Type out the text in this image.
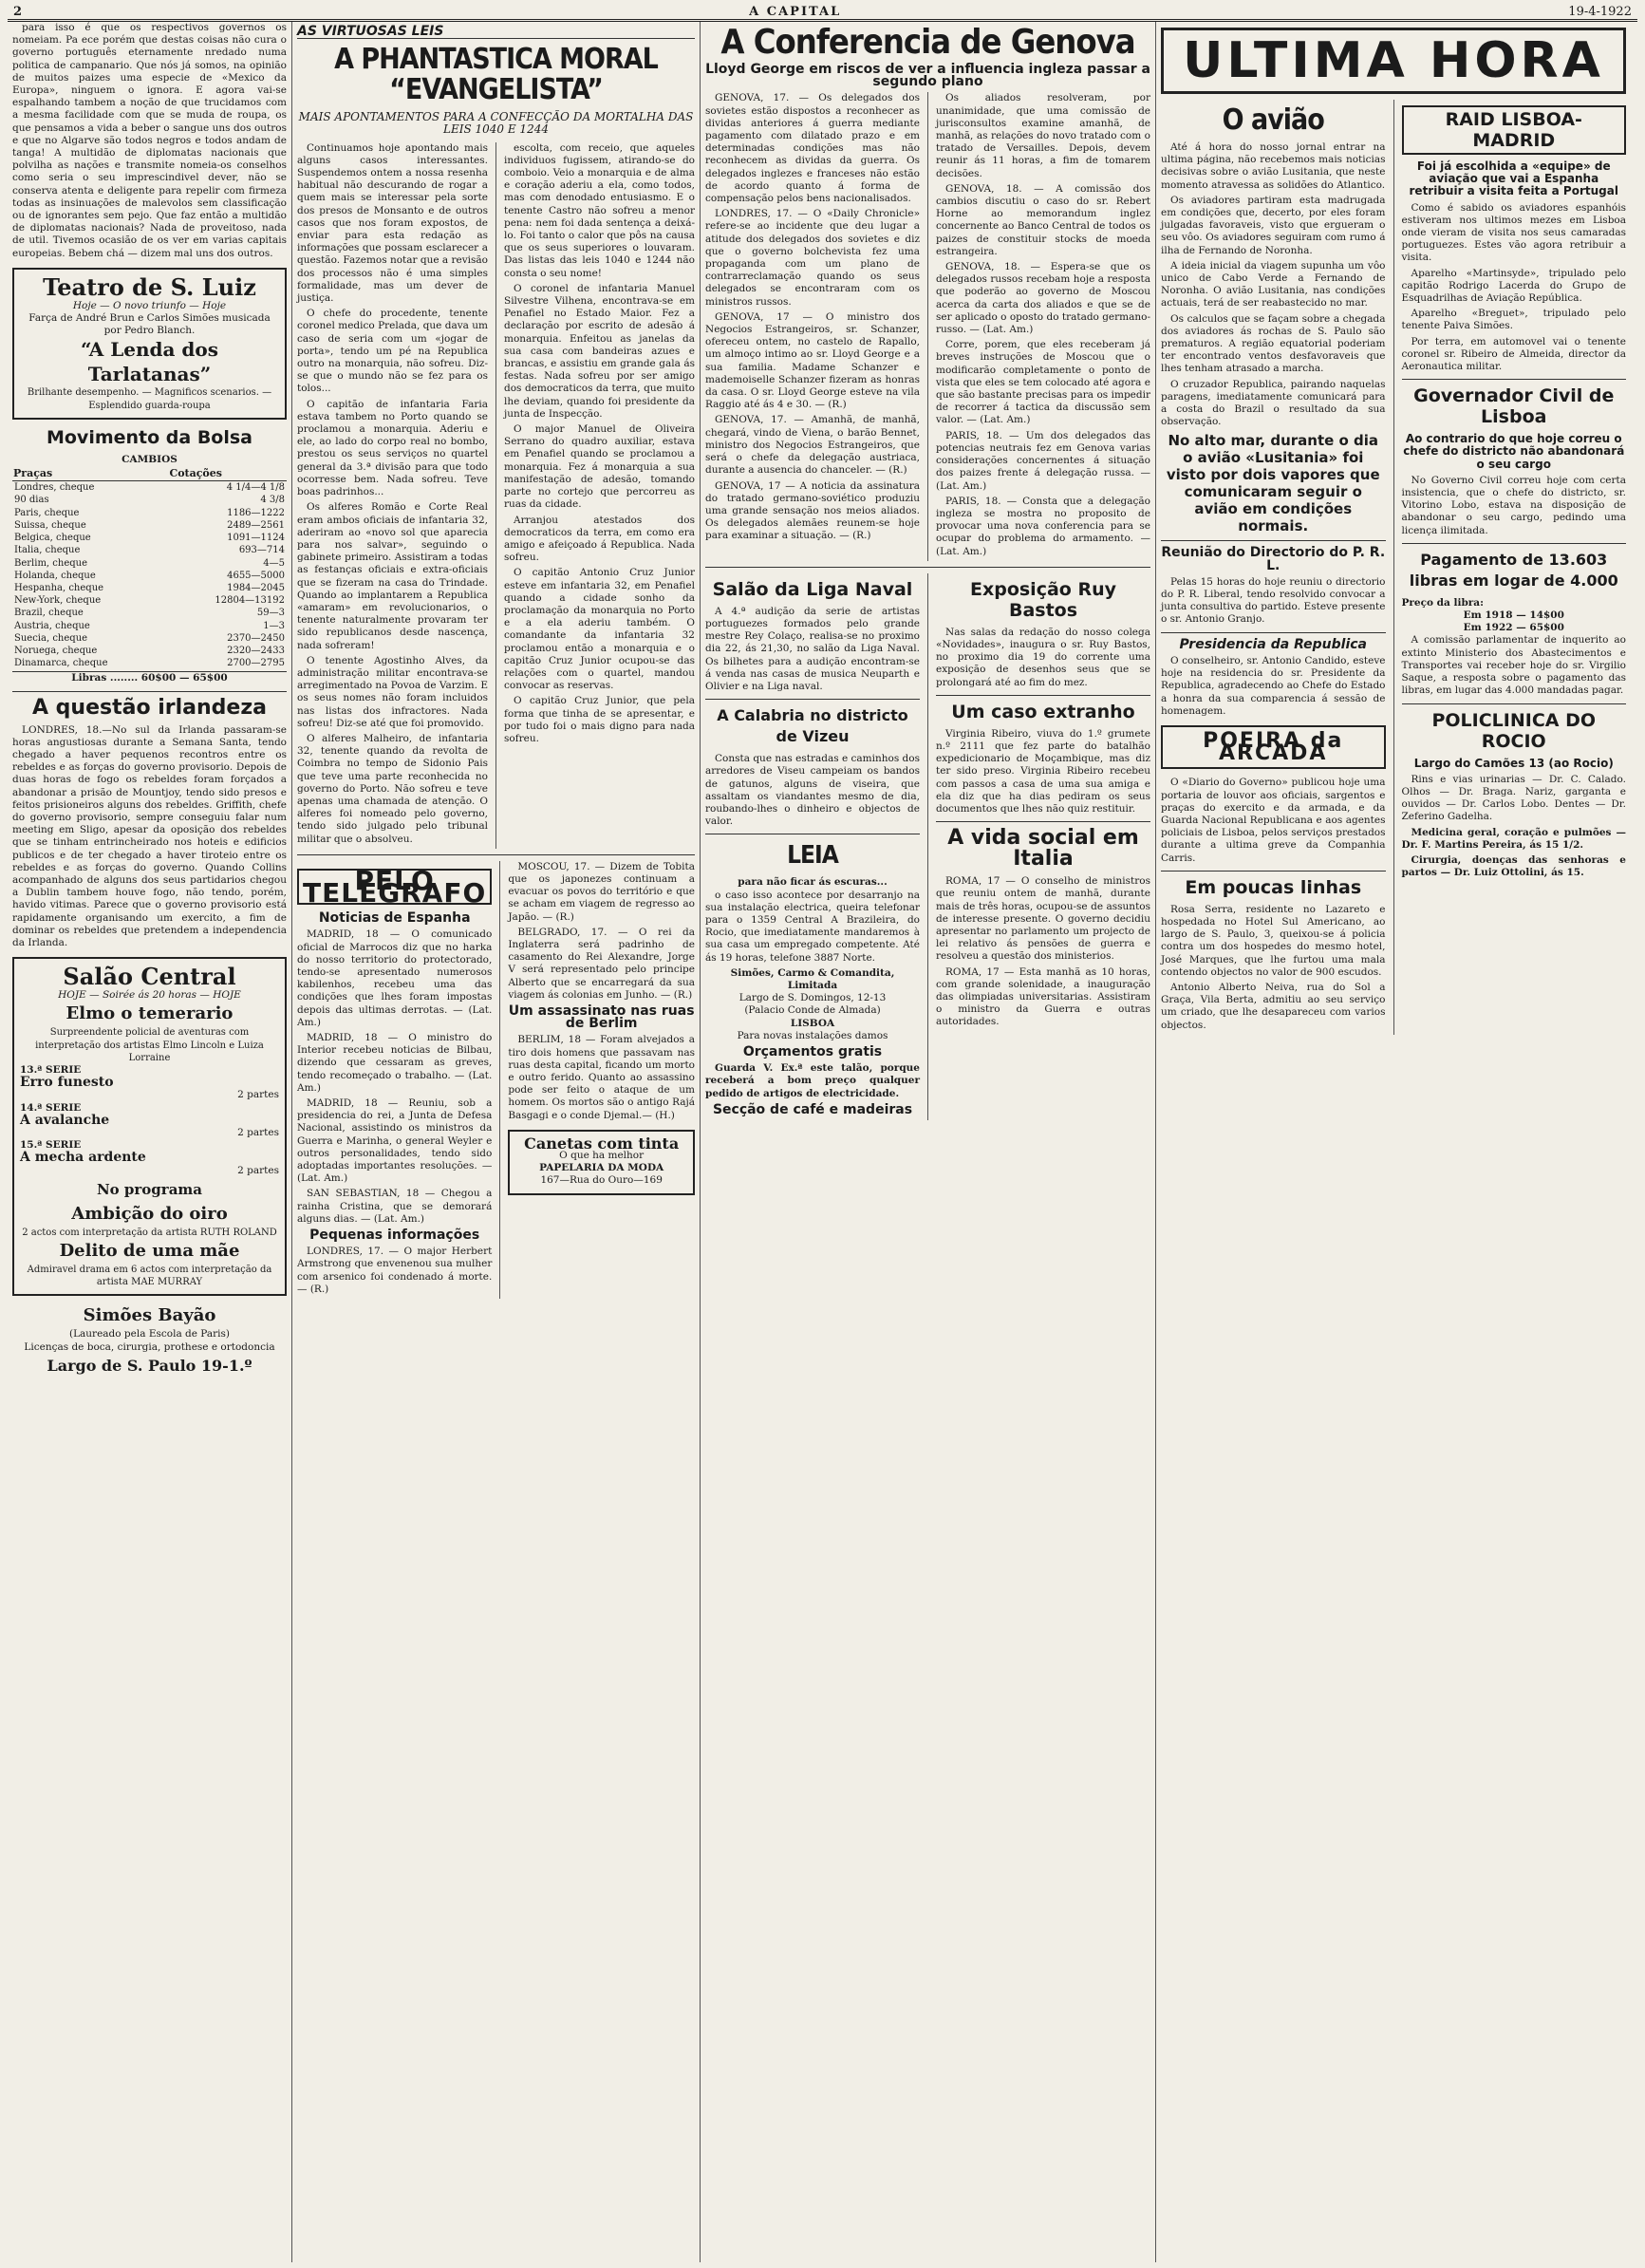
2	A CAPITAL	19-4-1922

para isso é que os respectivos governos os nomeiam. Pa ece porém que destas coisas não cura o governo português eternamente nredado numa politica de campanario. Que nós já somos, na opinião de muitos paizes uma especie de «Mexico da Europa», ninguem o ignora. E agora vai-se espalhando tambem a noção de que trucidamos com a mesma facilidade com que se muda de roupa, os que pensamos a vida a beber o sangue uns dos outros e que no Algarve são todos negros e todos andam de tanga! A multidão de diplomatas nacionais que polvilha as nações e transmite nomeia-os conselhos como seria o seu imprescindivel dever, não se conserva atenta e deligente para repelir com firmeza todas as insinuações de malevolos sem classificação ou de ignorantes sem pejo. Que faz então a multidão de diplomatas nacionais? Nada de proveitoso, nada de util. Tivemos ocasião de os ver em varias capitais europeias. Bebem chá — dizem mal uns dos outros.

Teatro de S. Luiz
Hoje — O novo triunfo — Hoje
Farça de André Brun e Carlos Simões musicada por Pedro Blanch.
“A Lenda dos Tarlatanas”
Brilhante desempenho. — Magnificos scenarios. — Esplendido guarda-roupa
Movimento da Bolsa
CAMBIOS
Praças	Cotações
Londres, cheque	4 1/4—4 1/8
90 dias	4 3/8
Paris, cheque	1186—1222
Suissa, cheque	2489—2561
Belgica, cheque	1091—1124
Italia, cheque	693—714
Berlim, cheque	4—5
Holanda, cheque	4655—5000
Hespanha, cheque	1984—2045
New-York, cheque	12804—13192
Brazil, cheque	59—3
Austria, cheque	1—3
Suecia, cheque	2370—2450
Noruega, cheque	2320—2433
Dinamarca, cheque	2700—2795
Libras ........ 60$00 — 65$00
A questão irlandeza

LONDRES, 18.—No sul da Irlanda passaram-se horas angustiosas durante a Semana Santa, tendo chegado a haver pequenos recontros entre os rebeldes e as forças do governo provisorio. Depois de duas horas de fogo os rebeldes foram forçados a abandonar a prisão de Mountjoy, tendo sido presos e feitos prisioneiros alguns dos rebeldes. Griffith, chefe do governo provisorio, sempre conseguiu falar num meeting em Sligo, apesar da oposição dos rebeldes que se tinham entrincheirado nos hoteis e edificios publicos e de ter chegado a haver tiroteio entre os rebeldes e as forças do governo. Quando Collins acompanhado de alguns dos seus partidarios chegou a Dublin tambem houve fogo, não tendo, porém, havido vitimas. Parece que o governo provisorio está rapidamente organisando um exercito, a fim de dominar os rebeldes que pretendem a independencia da Irlanda.

Salão Central
HOJE — Soirée ás 20 horas — HOJE
Elmo o temerario
Surpreendente policial de aventuras com interpretação dos artistas Elmo Lincoln e Luiza Lorraine
13.ª SERIE
Erro funesto
2 partes
14.ª SERIE
A avalanche
2 partes
15.ª SERIE
A mecha ardente
2 partes
No programa
Ambição do oiro
2 actos com interpretação da artista RUTH ROLAND
Delito de uma mãe
Admiravel drama em 6 actos com interpretação da artista MAE MURRAY
Simões Bayão
(Laureado pela Escola de Paris)
Licenças de boca, cirurgia, prothese e ortodoncia
Largo de S. Paulo 19-1.º
AS VIRTUOSAS LEIS
A PHANTASTICA MORAL “EVANGELISTA”
MAIS APONTAMENTOS PARA A CONFECÇÃO DA MORTALHA DAS LEIS 1040 E 1244

Continuamos hoje apontando mais alguns casos interessantes. Suspendemos ontem a nossa resenha habitual não descurando de rogar a quem mais se interessar pela sorte dos presos de Monsanto e de outros casos que nos foram expostos, de enviar para esta redação as informações que possam esclarecer a questão. Fazemos notar que a revisão dos processos não é uma simples formalidade, mas um dever de justiça.

O chefe do procedente, tenente coronel medico Prelada, que dava um caso de seria com um «jogar de porta», tendo um pé na Republica outro na monarquia, não sofreu. Diz-se que o mundo não se fez para os tolos...

O capitão de infantaria Faria estava tambem no Porto quando se proclamou a monarquia. Aderiu e ele, ao lado do corpo real no bombo, prestou os seus serviços no quartel general da 3.ª divisão para que todo ocorresse bem. Nada sofreu. Teve boas padrinhos...

Os alferes Romão e Corte Real eram ambos oficiais de infantaria 32, aderiram ao «novo sol que aparecia para nos salvar», seguindo o gabinete primeiro. Assistiram a todas as festanças oficiais e extra-oficiais que se fizeram na casa do Trindade. Quando ao implantarem a Republica «amaram» em revolucionarios, o tenente naturalmente provaram ter sido republicanos desde nascença, nada sofreram!

O tenente Agostinho Alves, da administração militar encontrava-se arregimentado na Povoa de Varzim. E os seus nomes não foram incluidos nas listas dos infractores. Nada sofreu! Diz-se até que foi promovido.

O alferes Malheiro, de infantaria 32, tenente quando da revolta de Coimbra no tempo de Sidonio Pais que teve uma parte reconhecida no governo do Porto. Não sofreu e teve apenas uma chamada de atenção. O alferes foi nomeado pelo governo, tendo sido julgado pelo tribunal militar que o absolveu.

escolta, com receio, que aqueles individuos fugissem, atirando-se do comboio. Veio a monarquia e de alma e coração aderiu a ela, como todos, mas com denodado entusiasmo. E o tenente Castro não sofreu a menor pena: nem foi dada sentença a deixá-lo. Foi tanto o calor que pôs na causa que os seus superiores o louvaram. Das listas das leis 1040 e 1244 não consta o seu nome!

O coronel de infantaria Manuel Silvestre Vilhena, encontrava-se em Penafiel no Estado Maior. Fez a declaração por escrito de adesão á monarquia. Enfeitou as janelas da sua casa com bandeiras azues e brancas, e assistiu em grande gala ás festas. Nada sofreu por ser amigo dos democraticos da terra, que muito lhe deviam, quando foi presidente da junta de Inspecção.

O major Manuel de Oliveira Serrano do quadro auxiliar, estava em Penafiel quando se proclamou a monarquia. Fez á monarquia a sua manifestação de adesão, tomando parte no cortejo que percorreu as ruas da cidade.

Arranjou atestados dos democraticos da terra, em como era amigo e afeiçoado á Republica. Nada sofreu.

O capitão Antonio Cruz Junior esteve em infantaria 32, em Penafiel quando a cidade sonho da proclamação da monarquia no Porto e a ela aderiu também. O comandante da infantaria 32 proclamou então a monarquia e o capitão Cruz Junior ocupou-se das relações com o quartel, mandou convocar as reservas.

O capitão Cruz Junior, que pela forma que tinha de se apresentar, e por tudo foi o mais digno para nada sofreu.

PELO TELEGRAFO
Noticias de Espanha

MADRID, 18 — O comunicado oficial de Marrocos diz que no harka do nosso territorio do protectorado, tendo-se apresentado numerosos kabilenhos, recebeu uma das condições que lhes foram impostas depois das ultimas derrotas. — (Lat. Am.)

MADRID, 18 — O ministro do Interior recebeu noticias de Bilbau, dizendo que cessaram as greves, tendo recomeçado o trabalho. — (Lat. Am.)

MADRID, 18 — Reuniu, sob a presidencia do rei, a Junta de Defesa Nacional, assistindo os ministros da Guerra e Marinha, o general Weyler e outros personalidades, tendo sido adoptadas importantes resoluções. — (Lat. Am.)

SAN SEBASTIAN, 18 — Chegou a rainha Cristina, que se demorará alguns dias. — (Lat. Am.)

Pequenas informações

LONDRES, 17. — O major Herbert Armstrong que envenenou sua mulher com arsenico foi condenado á morte. — (R.)

MOSCOU, 17. — Dizem de Tobita que os japonezes continuam a evacuar os povos do território e que se acham em viagem de regresso ao Japão. — (R.)

BELGRADO, 17. — O rei da Inglaterra será padrinho de casamento do Rei Alexandre, Jorge V será representado pelo principe Alberto que se encarregará da sua viagem ás colonias em Junho. — (R.)

Um assassinato nas ruas de Berlim

BERLIM, 18 — Foram alvejados a tiro dois homens que passavam nas ruas desta capital, ficando um morto e outro ferido. Quanto ao assassino pode ser feito o ataque de um homem. Os mortos são o antigo Rajá Basgagi e o conde Djemal.— (H.)

Canetas com tinta
O que ha melhor
PAPELARIA DA MODA
167—Rua do Ouro—169
A Conferencia de Genova
Lloyd George em riscos de ver a influencia ingleza passar a segundo plano

GENOVA, 17. — Os delegados dos sovietes estão dispostos a reconhecer as dividas anteriores á guerra mediante pagamento com dilatado prazo e em determinadas condições mas não reconhecem as dividas da guerra. Os delegados inglezes e franceses não estão de acordo quanto á forma de compensação pelos bens nacionalisados.

LONDRES, 17. — O «Daily Chronicle» refere-se ao incidente que deu lugar a atitude dos delegados dos sovietes e diz que o governo bolchevista fez uma propaganda com um plano de contrarreclamação quando os seus delegados se encontraram com os ministros russos.

GENOVA, 17 — O ministro dos Negocios Estrangeiros, sr. Schanzer, ofereceu ontem, no castelo de Rapallo, um almoço intimo ao sr. Lloyd George e a sua familia. Madame Schanzer e mademoiselle Schanzer fizeram as honras da casa. O sr. Lloyd George esteve na vila Raggio até ás 4 e 30. — (R.)

GENOVA, 17. — Amanhã, de manhã, chegará, vindo de Viena, o barão Bennet, ministro dos Negocios Estrangeiros, que será o chefe da delegação austriaca, durante a ausencia do chanceler. — (R.)

GENOVA, 17 — A noticia da assinatura do tratado germano-soviético produziu uma grande sensação nos meios aliados. Os delegados alemães reunem-se hoje para examinar a situação. — (R.)

Os aliados resolveram, por unanimidade, que uma comissão de jurisconsultos examine amanhã, de manhã, as relações do novo tratado com o tratado de Versailles. Depois, devem reunir ás 11 horas, a fim de tomarem decisões.

GENOVA, 18. — A comissão dos cambios discutiu o caso do sr. Rebert Horne ao memorandum inglez concernente ao Banco Central de todos os paizes de constituir stocks de moeda estrangeira.

GENOVA, 18. — Espera-se que os delegados russos recebam hoje a resposta que poderão ao governo de Moscou acerca da carta dos aliados e que se de ser aplicado o oposto do tratado germano-russo. — (Lat. Am.)

Corre, porem, que eles receberam já breves instruções de Moscou que o modificarão completamente o ponto de vista que eles se tem colocado até agora e que são bastante precisas para os impedir de recorrer á tactica da discussão sem valor. — (Lat. Am.)

PARIS, 18. — Um dos delegados das potencias neutrais fez em Genova varias considerações concernentes á situação dos paizes frente á delegação russa. — (Lat. Am.)

PARIS, 18. — Consta que a delegação ingleza se mostra no proposito de provocar uma nova conferencia para se ocupar do problema do armamento. — (Lat. Am.)

Salão da Liga Naval

A 4.ª audição da serie de artistas portuguezes formados pelo grande mestre Rey Colaço, realisa-se no proximo dia 22, ás 21,30, no salão da Liga Naval. Os bilhetes para a audição encontram-se á venda nas casas de musica Neuparth e Olivier e na Liga naval.

A Calabria no districto de Vizeu

Consta que nas estradas e caminhos dos arredores de Viseu campeiam os bandos de gatunos, alguns de viseira, que assaltam os viandantes mesmo de dia, roubando-lhes o dinheiro e objectos de valor.

LEIA
para não ficar ás escuras...

o caso isso acontece por desarranjo na sua instalação electrica, queira telefonar para o 1359 Central A Brazileira, do Rocio, que imediatamente mandaremos à sua casa um empregado competente. Até ás 19 horas, telefone 3887 Norte.

Simões, Carmo & Comandita, Limitada
Largo de S. Domingos, 12-13
(Palacio Conde de Almada)
LISBOA
Para novas instalações damos
Orçamentos gratis

Guarda V. Ex.ª este talão, porque receberá a bom preço qualquer pedido de artigos de electricidade.

Secção de café e madeiras
Exposição Ruy Bastos

Nas salas da redação do nosso colega «Novidades», inaugura o sr. Ruy Bastos, no proximo dia 19 do corrente uma exposição de desenhos seus que se prolongará até ao fim do mez.

Um caso extranho

Virginia Ribeiro, viuva do 1.º grumete n.º 2111 que fez parte do batalhão expedicionario de Moçambique, mas diz ter sido preso. Virginia Ribeiro recebeu com passos a casa de uma sua amiga e ela diz que ha dias pediram os seus documentos que lhes não quiz restituir.

A vida social em Italia

ROMA, 17 — O conselho de ministros que reuniu ontem de manhã, durante mais de três horas, ocupou-se de assuntos de interesse presente. O governo decidiu apresentar no parlamento um projecto de lei relativo ás pensões de guerra e resolveu a questão dos ministerios.

ROMA, 17 — Esta manhã as 10 horas, com grande solenidade, a inauguração das olimpiadas universitarias. Assistiram o ministro da Guerra e outras autoridades.

ULTIMA HORA
O avião

Até á hora do nosso jornal entrar na ultima página, não recebemos mais noticias decisivas sobre o avião Lusitania, que neste momento atravessa as solidões do Atlantico.

Os aviadores partiram esta madrugada em condições que, decerto, por eles foram julgadas favoraveis, visto que ergueram o seu vôo. Os aviadores seguiram com rumo á ilha de Fernando de Noronha.

A ideia inicial da viagem supunha um vôo unico de Cabo Verde a Fernando de Noronha. O avião Lusitania, nas condições actuais, terá de ser reabastecido no mar.

Os calculos que se façam sobre a chegada dos aviadores ás rochas de S. Paulo são prematuros. A região equatorial poderiam ter encontrado ventos desfavoraveis que lhes tenham atrasado a marcha.

O cruzador Republica, pairando naquelas paragens, imediatamente comunicará para a costa do Brazil o resultado da sua observação.

No alto mar, durante o dia o avião «Lusitania» foi visto por dois vapores que comunicaram seguir o avião em condições normais.
Reunião do Directorio do P. R. L.

Pelas 15 horas do hoje reuniu o directorio do P. R. Liberal, tendo resolvido convocar a junta consultiva do partido. Esteve presente o sr. Antonio Granjo.

Presidencia da Republica

O conselheiro, sr. Antonio Candido, esteve hoje na residencia do sr. Presidente da Republica, agradecendo ao Chefe do Estado a honra da sua comparencia á sessão de homenagem.

POEIRA da ARCADA

O «Diario do Governo» publicou hoje uma portaria de louvor aos oficiais, sargentos e praças do exercito e da armada, e da Guarda Nacional Republicana e aos agentes policiais de Lisboa, pelos serviços prestados durante a ultima greve da Companhia Carris.

Em poucas linhas

Rosa Serra, residente no Lazareto e hospedada no Hotel Sul Americano, ao largo de S. Paulo, 3, queixou-se á policia contra um dos hospedes do mesmo hotel, José Marques, que lhe furtou uma mala contendo objectos no valor de 900 escudos.

Antonio Alberto Neiva, rua do Sol a Graça, Vila Berta, admitiu ao seu serviço um criado, que lhe desapareceu com varios objectos.

RAID LISBOA-MADRID
Foi já escolhida a «equipe» de aviação que vai a Espanha retribuir a visita feita a Portugal

Como é sabido os aviadores espanhóis estiveram nos ultimos mezes em Lisboa onde vieram de visita nos seus camaradas portuguezes. Estes vão agora retribuir a visita.

Aparelho «Martinsyde», tripulado pelo capitão Rodrigo Lacerda do Grupo de Esquadrilhas de Aviação República.

Aparelho «Breguet», tripulado pelo tenente Paiva Simões.

Por terra, em automovel vai o tenente coronel sr. Ribeiro de Almeida, director da Aeronautica militar.

Governador Civil de Lisboa
Ao contrario do que hoje correu o chefe do districto não abandonará o seu cargo

No Governo Civil correu hoje com certa insistencia, que o chefe do districto, sr. Vitorino Lobo, estava na disposição de abandonar o seu cargo, pedindo uma licença ilimitada.

Pagamento de 13.603 libras em logar de 4.000
Preço da libra:
Em 1918 — 14$00
Em 1922 — 65$00

A comissão parlamentar de inquerito ao extinto Ministerio dos Abastecimentos e Transportes vai receber hoje do sr. Virgilio Saque, a resposta sobre o pagamento das libras, em lugar das 4.000 mandadas pagar.

POLICLINICA DO ROCIO
Largo do Camões 13 (ao Rocio)

Rins e vias urinarias — Dr. C. Calado. Olhos — Dr. Braga. Nariz, garganta e ouvidos — Dr. Carlos Lobo. Dentes — Dr. Zeferino Gadelha.

Medicina geral, coração e pulmões — Dr. F. Martins Pereira, ás 15 1/2.

Cirurgia, doenças das senhoras e partos — Dr. Luiz Ottolini, ás 15.
